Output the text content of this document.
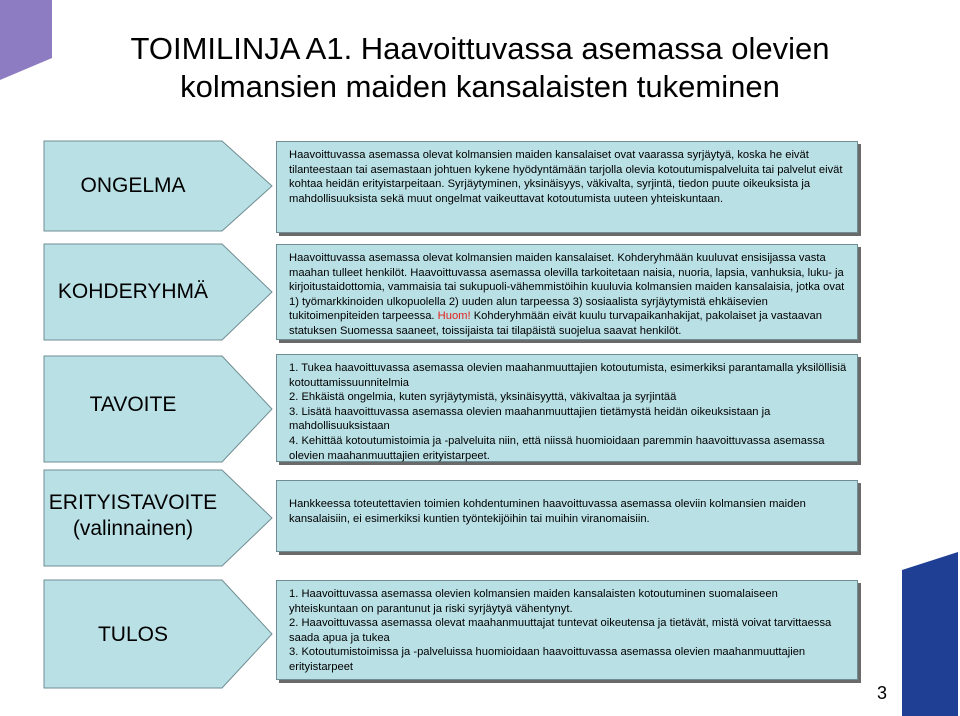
TOIMILINJA A1. Haavoittuvassa asemassa olevien
kolmansien maiden kansalaisten tukeminen
ONGELMA

Haavoittuvassa asemassa olevat kolmansien maiden kansalaiset ovat vaarassa syrjäytyä, koska he eivät tilanteestaan tai asemastaan johtuen kykene hyödyntämään tarjolla olevia kotoutumispalveluita tai palvelut eivät kohtaa heidän erityistarpeitaan. Syrjäytyminen, yksinäisyys, väkivalta, syrjintä, tiedon puute oikeuksista ja mahdollisuuksista sekä muut ongelmat vaikeuttavat kotoutumista uuteen yhteiskuntaan.

KOHDERYHMÄ

Haavoittuvassa asemassa olevat kolmansien maiden kansalaiset. Kohderyhmään kuuluvat ensisijassa vasta maahan tulleet henkilöt. Haavoittuvassa asemassa olevilla tarkoitetaan naisia, nuoria, lapsia, vanhuksia, luku- ja kirjoitustaidottomia, vammaisia tai sukupuoli-vähemmistöihin kuuluvia kolmansien maiden kansalaisia, jotka ovat 1) työmarkkinoiden ulkopuolella 2) uuden alun tarpeessa 3) sosiaalista syrjäytymistä ehkäisevien tukitoimenpiteiden tarpeessa. Huom! Kohderyhmään eivät kuulu turvapaikanhakijat, pakolaiset ja vastaavan statuksen Suomessa saaneet, toissijaista tai tilapäistä suojelua saavat henkilöt.

TAVOITE

1. Tukea haavoittuvassa asemassa olevien maahanmuuttajien kotoutumista, esimerkiksi parantamalla yksilöllisiä kotouttamissuunnitelmia

2. Ehkäistä ongelmia, kuten syrjäytymistä, yksinäisyyttä, väkivaltaa ja syrjintää

3. Lisätä haavoittuvassa asemassa olevien maahanmuuttajien tietämystä heidän oikeuksistaan ja mahdollisuuksistaan

4. Kehittää kotoutumistoimia ja -palveluita niin, että niissä huomioidaan paremmin haavoittuvassa asemassa olevien maahanmuuttajien erityistarpeet.

ERITYISTAVOITE
(valinnainen)

Hankkeessa toteutettavien toimien kohdentuminen haavoittuvassa asemassa oleviin kolmansien maiden kansalaisiin, ei esimerkiksi kuntien työntekijöihin tai muihin viranomaisiin.

TULOS

1. Haavoittuvassa asemassa olevien kolmansien maiden kansalaisten kotoutuminen suomalaiseen yhteiskuntaan on parantunut ja riski syrjäytyä vähentynyt.

2. Haavoittuvassa asemassa olevat maahanmuuttajat tuntevat oikeutensa ja tietävät, mistä voivat tarvittaessa saada apua ja tukea

3. Kotoutumistoimissa ja -palveluissa huomioidaan haavoittuvassa asemassa olevien maahanmuuttajien erityistarpeet

3
